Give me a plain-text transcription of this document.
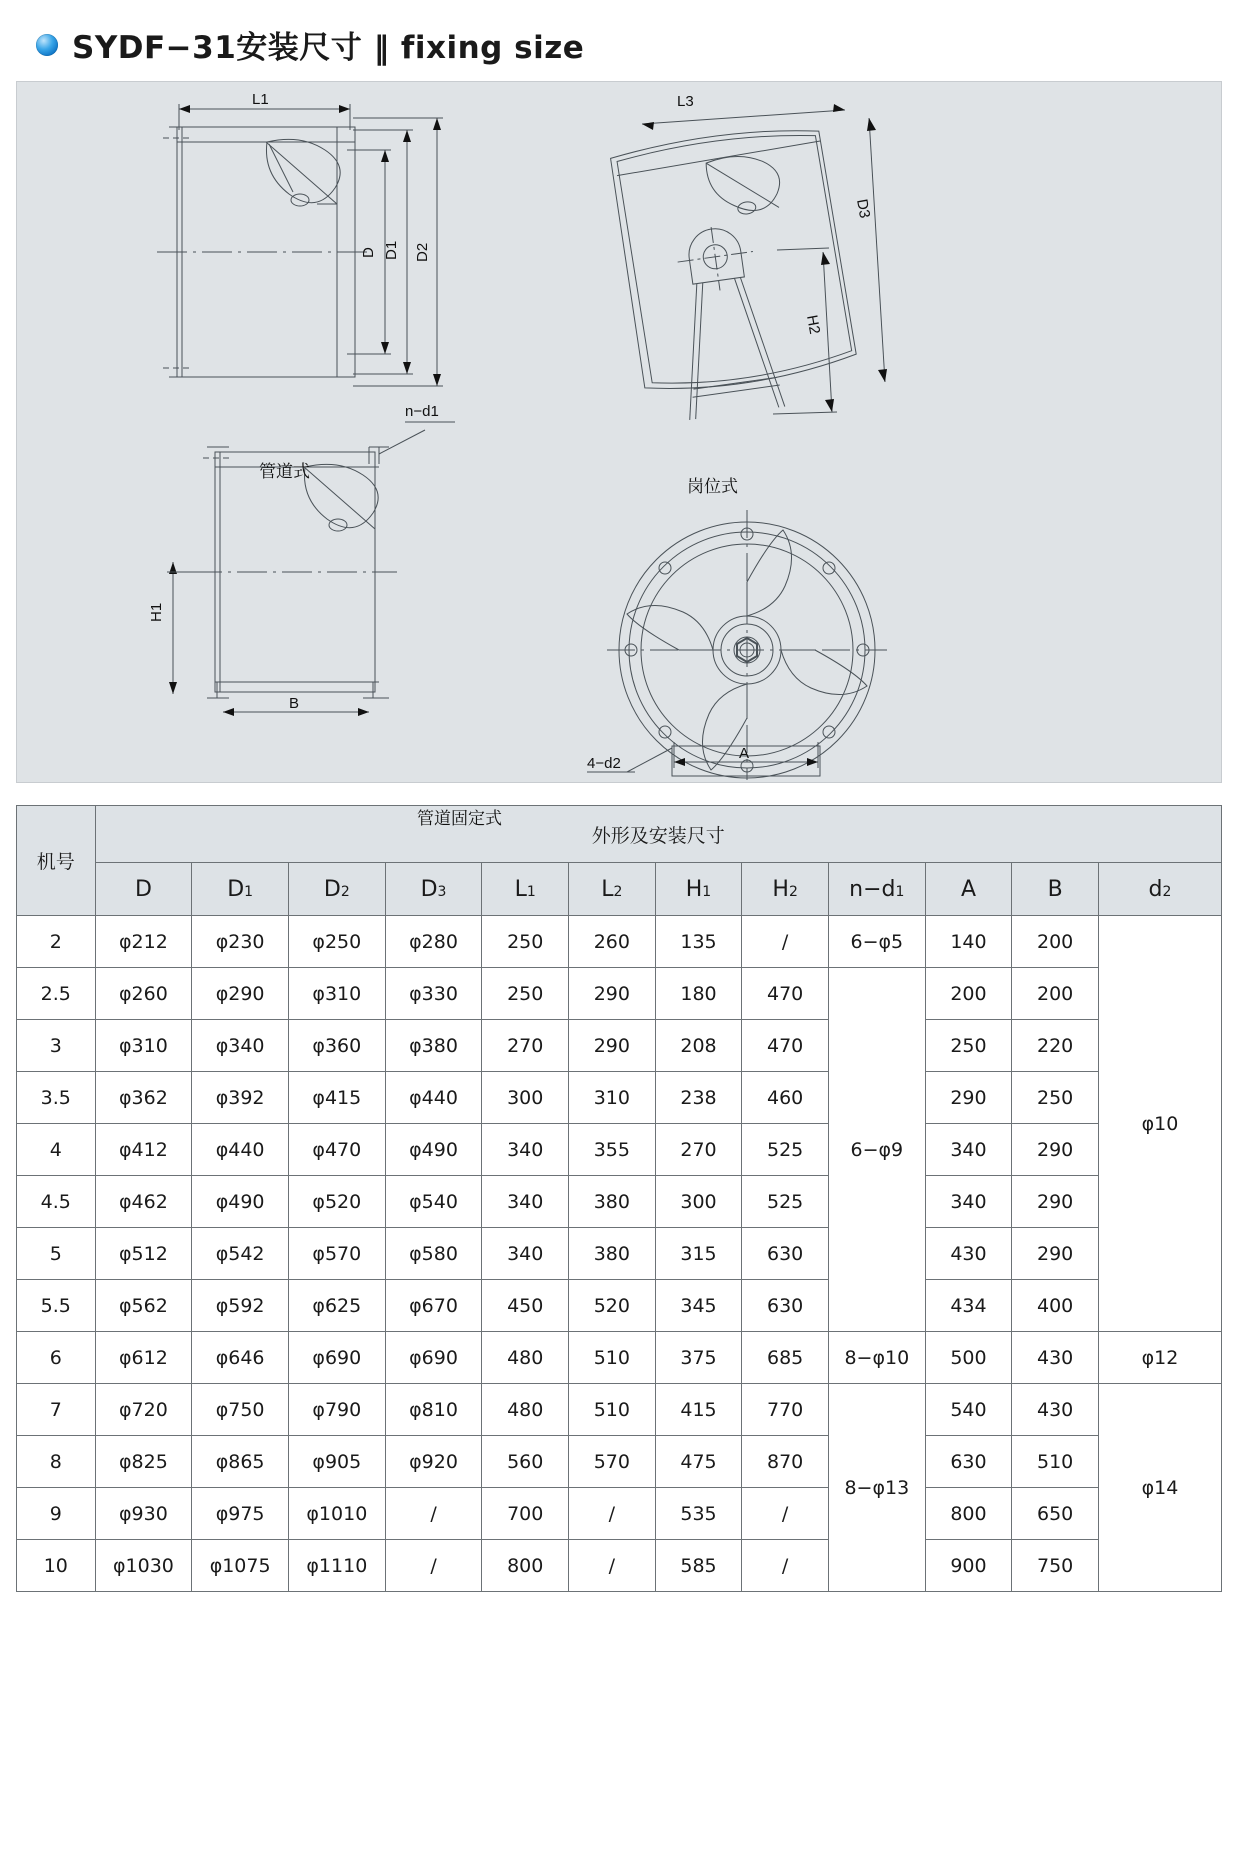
SYDF−31安装尺寸 ‖ fixing size
L1
D D1 D2
L3
D3
H2
H1
B
A
n−d1
4−d2
管道式
岗位式
管道固定式
机号	外形及安装尺寸											
	D	D1	D2	D3	L1	L2	H1	H2	n−d1	A	B	d2
2	φ212	φ230	φ250	φ280	250	260	135	/	6−φ5	140	200	φ10
2.5	φ260	φ290	φ310	φ330	250	290	180	470	6−φ9	200	200	
3	φ310	φ340	φ360	φ380	270	290	208	470		250	220	
3.5	φ362	φ392	φ415	φ440	300	310	238	460		290	250	
4	φ412	φ440	φ470	φ490	340	355	270	525		340	290	
4.5	φ462	φ490	φ520	φ540	340	380	300	525		340	290	
5	φ512	φ542	φ570	φ580	340	380	315	630		430	290	
5.5	φ562	φ592	φ625	φ670	450	520	345	630		434	400	
6	φ612	φ646	φ690	φ690	480	510	375	685	8−φ10	500	430	φ12
7	φ720	φ750	φ790	φ810	480	510	415	770	8−φ13	540	430	φ14
8	φ825	φ865	φ905	φ920	560	570	475	870		630	510	
9	φ930	φ975	φ1010	/	700	/	535	/		800	650	
10	φ1030	φ1075	φ1110	/	800	/	585	/		900	750	
